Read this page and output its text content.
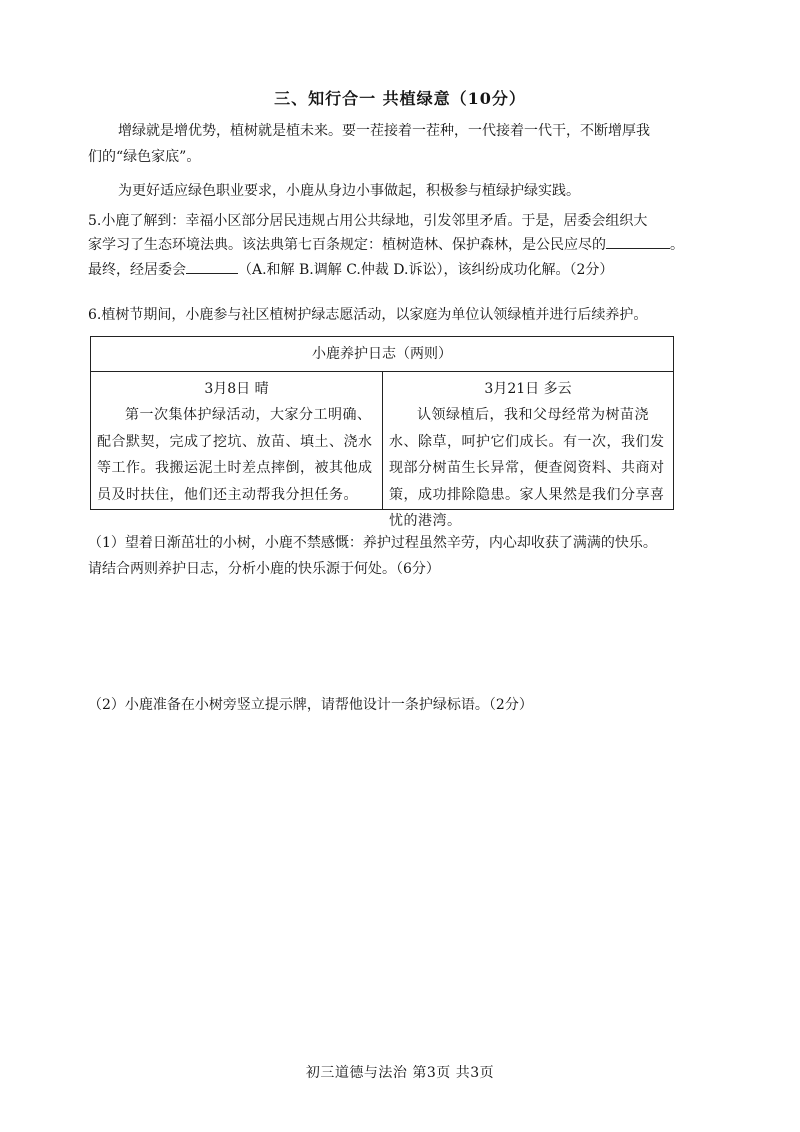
三、知行合一 共植绿意（10分）
增绿就是增优势，植树就是植未来。要一茬接着一茬种，一代接着一代干，不断增厚我
们的“绿色家底”。
为更好适应绿色职业要求，小鹿从身边小事做起，积极参与植绿护绿实践。
5.小鹿了解到：幸福小区部分居民违规占用公共绿地，引发邻里矛盾。于是，居委会组织大
家学习了生态环境法典。该法典第七百条规定：植树造林、保护森林，是公民应尽的	。
最终，经居委会	（A.和解 B.调解 C.仲裁 D.诉讼），该纠纷成功化解。（2分）
6.植树节期间，小鹿参与社区植树护绿志愿活动，以家庭为单位认领绿植并进行后续养护。
小鹿养护日志（两则）
3月8日 晴
第一次集体护绿活动，大家分工明确、配合默契，完成了挖坑、放苗、填土、浇水等工作。我搬运泥土时差点摔倒，被其他成员及时扶住，他们还主动帮我分担任务。
3月21日 多云
认领绿植后，我和父母经常为树苗浇水、除草，呵护它们成长。有一次，我们发现部分树苗生长异常，便查阅资料、共商对策，成功排除隐患。家人果然是我们分享喜忧的港湾。
（1）望着日渐茁壮的小树，小鹿不禁感慨：养护过程虽然辛劳，内心却收获了满满的快乐。
请结合两则养护日志，分析小鹿的快乐源于何处。（6分）
（2）小鹿准备在小树旁竖立提示牌，请帮他设计一条护绿标语。（2分）
初三道德与法治 第3页 共3页
